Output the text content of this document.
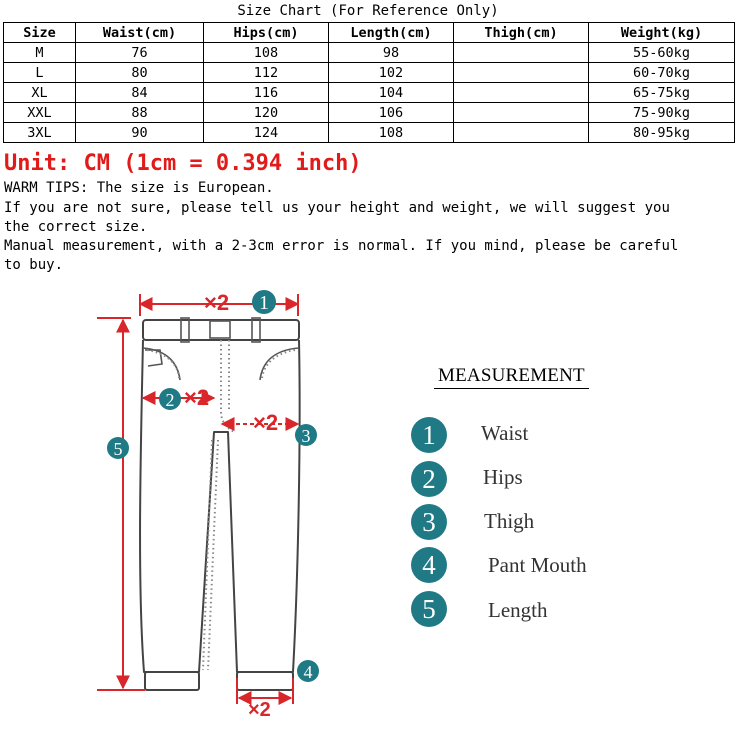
Size Chart (For Reference Only)
Size	Waist(cm)	Hips(cm)	Length(cm)	Thigh(cm)	Weight(kg)
M	76	108	98		55-60kg
L	80	112	102		60-70kg
XL	84	116	104		65-75kg
XXL	88	120	106		75-90kg
3XL	90	124	108		80-95kg
Unit: CM (1cm = 0.394 inch)
WARM TIPS: The size is European.
If you are not sure, please tell us your height and weight, we will suggest you
the correct size.
Manual measurement, with a 2-3cm error is normal. If you mind, please be careful
to buy.
×2 1
2 ×2
×2
3
5
×2
4
MEASUREMENT
1	Waist
2	Hips
3	Thigh
4	Pant Mouth
5	Length
